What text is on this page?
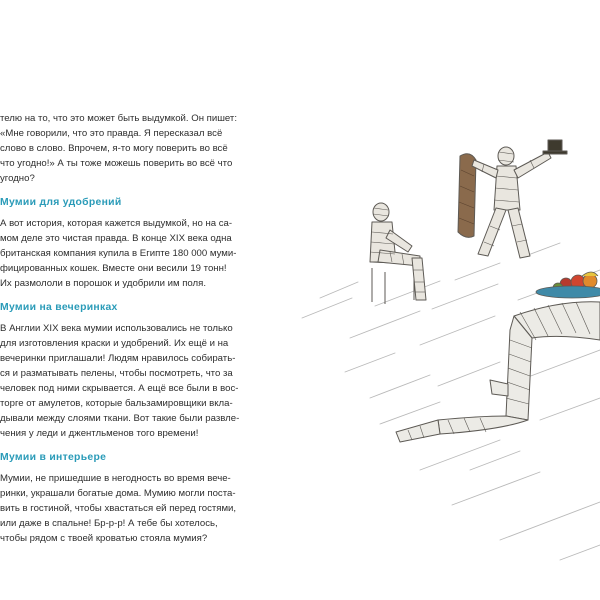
телю на то, что это может быть выдумкой. Он пишет:
«Мне говорили, что это правда. Я пересказал всё
слово в слово. Впрочем, я-то могу поверить во всё
что угодно!» А ты тоже можешь поверить во всё что
угодно?

Мумии для удобрений

А вот история, которая кажется выдумкой, но на са-
мом деле это чистая правда. В конце XIX века одна
британская компания купила в Египте 180 000 муми-
фицированных кошек. Вместе они весили 19 тонн!
Их размололи в порошок и удобрили им поля.

Мумии на вечеринках

В Англии XIX века мумии использовались не только
для изготовления краски и удобрений. Их ещё и на
вечеринки приглашали! Людям нравилось собирать-
ся и разматывать пелены, чтобы посмотреть, что за
человек под ними скрывается. А ещё все были в вос-
торге от амулетов, которые бальзамировщики вкла-
дывали между слоями ткани. Вот такие были развле-
чения у леди и джентльменов того времени!

Мумии в интерьере

Мумии, не пришедшие в негодность во время вече-
ринки, украшали богатые дома. Мумию могли поста-
вить в гостиной, чтобы хвастаться ей перед гостями,
или даже в спальне! Бр-р-р! А тебе бы хотелось,
чтобы рядом с твоей кроватью стояла мумия?
